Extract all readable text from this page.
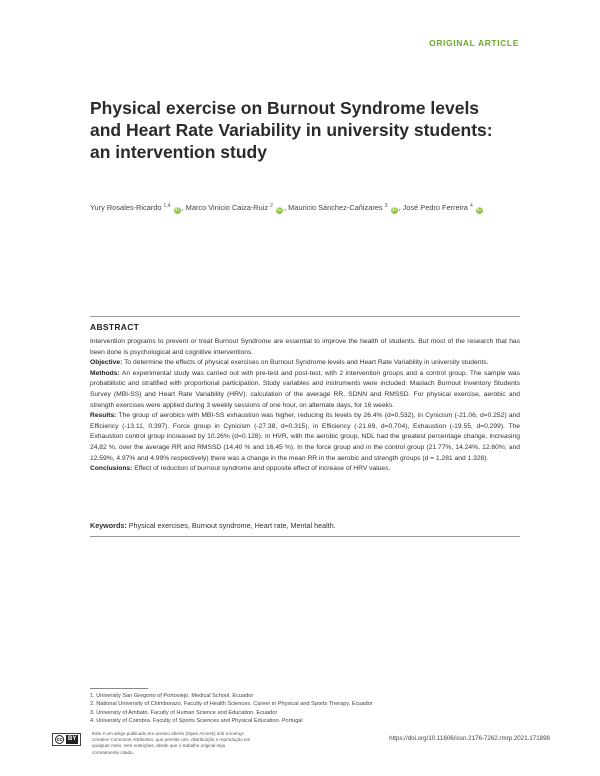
ORIGINAL ARTICLE
Physical exercise on Burnout Syndrome levels
and Heart Rate Variability in university students:
an intervention study
Yury Rosales-Ricardo $^{1,4}$ iD , Marco Vinicio Caiza-Ruiz $^2$ iD , Mauricio Sánchez-Cañizares $^3$ iD , José Pedro Ferreira $^4$ iD
ABSTRACT

Intervention programs to prevent or treat Burnout Syndrome are essential to improve the health of students. But most of the research that has been done is psychological and cognitive interventions.

Objective: To determine the effects of physical exercises on Burnout Syndrome levels and Heart Rate Variability in university students.

Methods: An experimental study was carried out with pre-test and post-test, with 2 intervention groups and a control group. The sample was probabilistic and stratified with proportional participation. Study variables and instruments were included: Maslach Burnout Inventory Students Survey (MBI-SS) and Heart Rate Variability (HRV): calculation of the average RR, SDNN and RMSSD. For physical exercise, aerobic and strength exercises were applied during 3 weekly sessions of one hour, on alternate days, for 16 weeks.

Results: The group of aerobics with MBI-SS exhaustion was higher, reducing its levels by 26.4% (d=0.532), in Cynicism (-21.06, d=0.252) and Efficiency (-13.11, 0.397). Force group in Cynicism (-27.38, d=0.315), in Efficiency (-21.69, d=0.704), Exhaustion (-19.55, d=0.299). The Exhaustion control group increased by 10.26% (d=0.128). In HVR, with the aerobic group, NDL had the greatest percentage change, increasing 24,82 %, over the average RR and RMSSD (14,40 % and 16,45 %). In the force group and in the control group (21.77%, 14.24%, 12.60%; and 12.59%, 4.97% and 4.99% respectively) there was a change in the mean RR in the aerobic and strength groups (d = 1.281 and 1.328).

Conclusions: Effect of reduction of burnout syndrome and opposite effect of increase of HRV values.

Keywords: Physical exercises, Burnout syndrome, Heart rate, Mental health.
1. University San Gregorio of Portoviejo. Medical School. Ecuador
2. National University of Chimborazo. Faculty of Health Sciences. Career in Physical and Sports Therapy. Ecuador
3. University of Ambato. Faculty of Human Science and Education. Ecuador
4. University of Coimbra. Faculty of Sports Sciences and Physical Education. Portugal
cc BY
Este é um artigo publicado em acesso aberto (Open Access) sob a licença Creative Commons Attribution, que permite uso, distribuição e reprodução em qualquer meio, sem restrições, desde que o trabalho original seja corretamente citado.
https://doi.org/10.11606/issn.2176-7262.rmrp.2021.171898
